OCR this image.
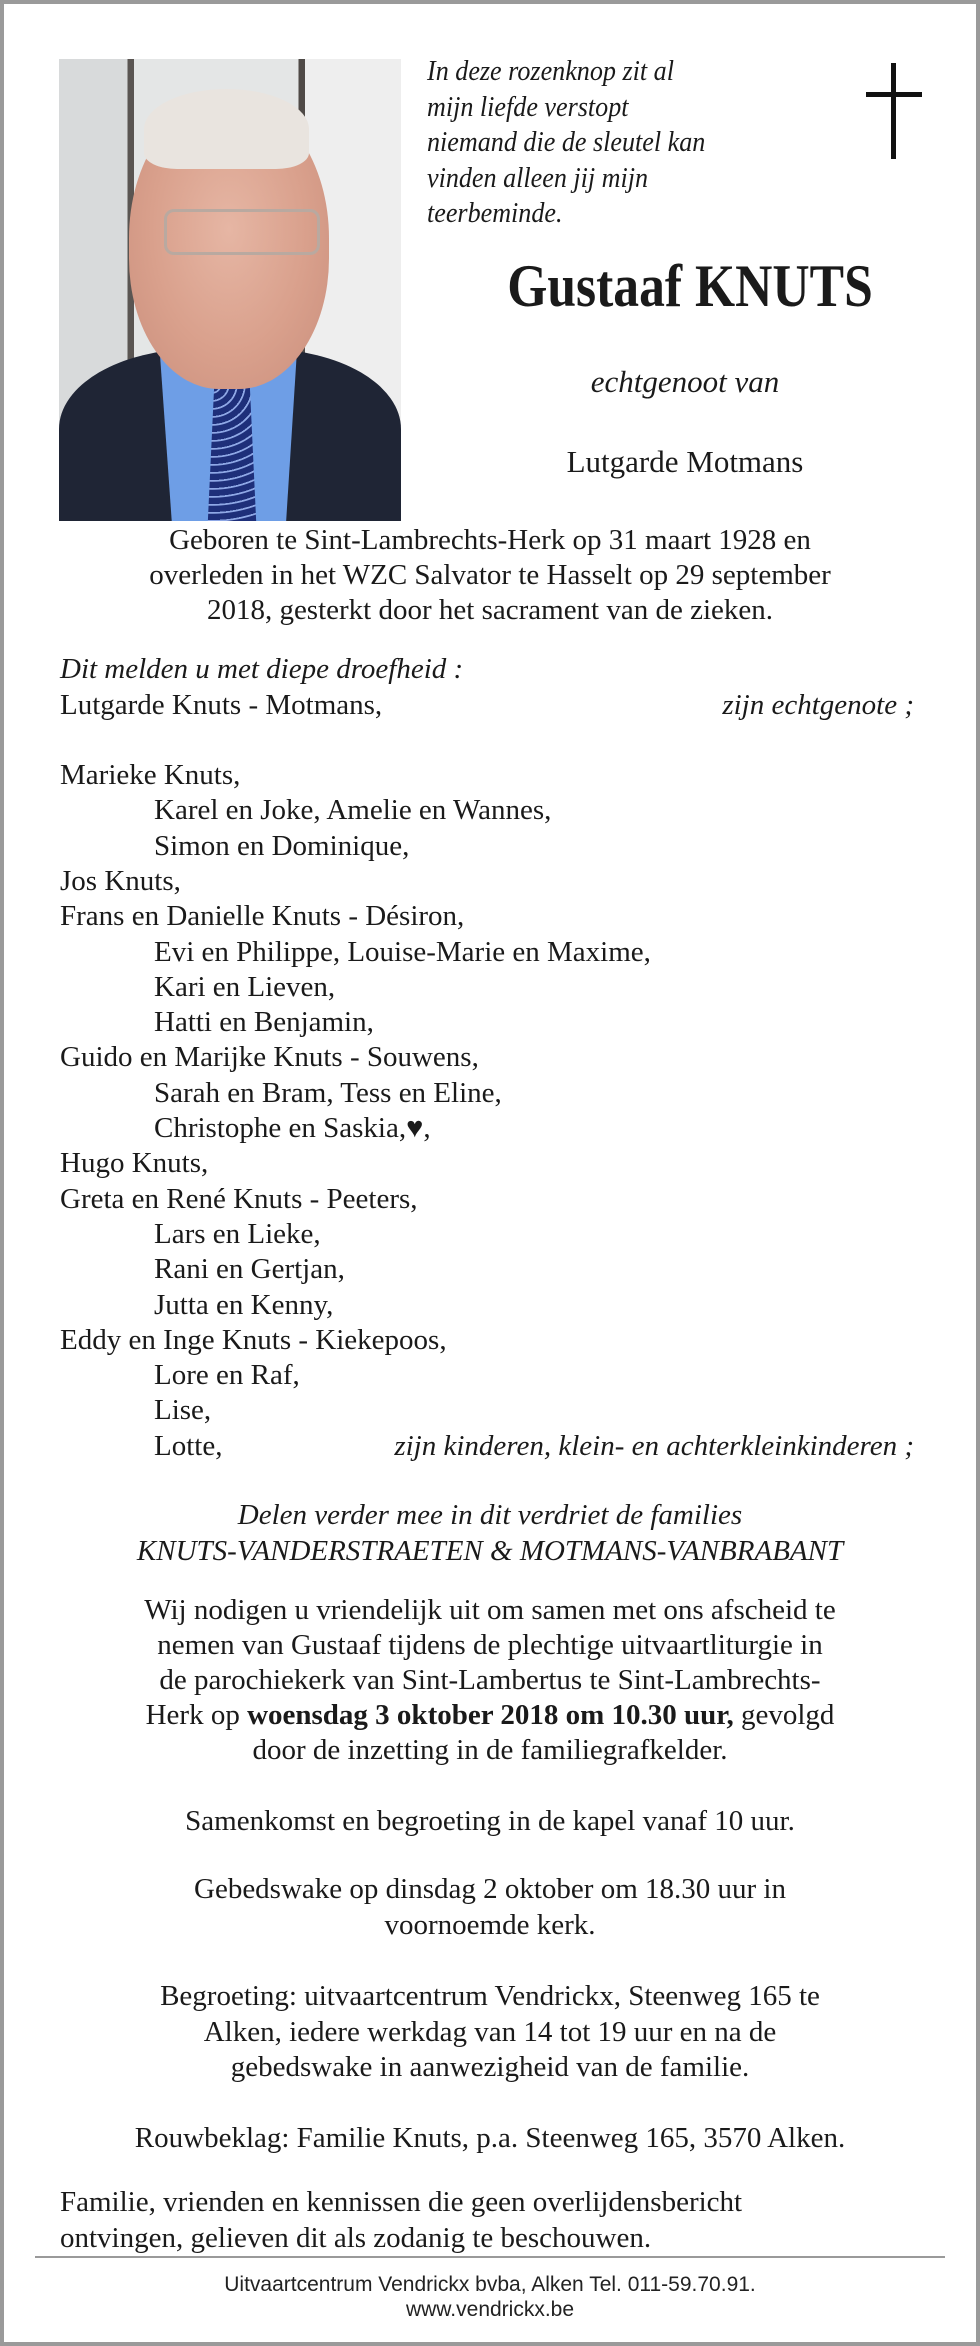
In deze rozenknop zit al
mijn liefde verstopt
niemand die de sleutel kan
vinden alleen jij mijn
teerbeminde.
Gustaaf KNUTS
echtgenoot van
Lutgarde Motmans
Geboren te Sint-Lambrechts-Herk op 31 maart 1928 en
overleden in het WZC Salvator te Hasselt op 29 september
2018, gesterkt door het sacrament van de zieken.
Dit melden u met diepe droefheid :
Lutgarde Knuts - Motmans,	zijn echtgenote ;
Marieke Knuts,
Karel en Joke, Amelie en Wannes,
Simon en Dominique,
Jos Knuts,
Frans en Danielle Knuts - Désiron,
Evi en Philippe, Louise-Marie en Maxime,
Kari en Lieven,
Hatti en Benjamin,
Guido en Marijke Knuts - Souwens,
Sarah en Bram, Tess en Eline,
Christophe en Saskia,♥,
Hugo Knuts,
Greta en René Knuts - Peeters,
Lars en Lieke,
Rani en Gertjan,
Jutta en Kenny,
Eddy en Inge Knuts - Kiekepoos,
Lore en Raf,
Lise,
Lotte,	zijn kinderen, klein- en achterkleinkinderen ;
Delen verder mee in dit verdriet de families
KNUTS-VANDERSTRAETEN & MOTMANS-VANBRABANT
Wij nodigen u vriendelijk uit om samen met ons afscheid te
nemen van Gustaaf tijdens de plechtige uitvaartliturgie in
de parochiekerk van Sint-Lambertus te Sint-Lambrechts-
Herk op woensdag 3 oktober 2018 om 10.30 uur, gevolgd
door de inzetting in de familiegrafkelder.
Samenkomst en begroeting in de kapel vanaf 10 uur.
Gebedswake op dinsdag 2 oktober om 18.30 uur in
voornoemde kerk.
Begroeting: uitvaartcentrum Vendrickx, Steenweg 165 te
Alken, iedere werkdag van 14 tot 19 uur en na de
gebedswake in aanwezigheid van de familie.
Rouwbeklag: Familie Knuts, p.a. Steenweg 165, 3570 Alken.
Familie, vrienden en kennissen die geen overlijdensbericht
ontvingen, gelieven dit als zodanig te beschouwen.
Uitvaartcentrum Vendrickx bvba, Alken Tel. 011-59.70.91.
www.vendrickx.be
